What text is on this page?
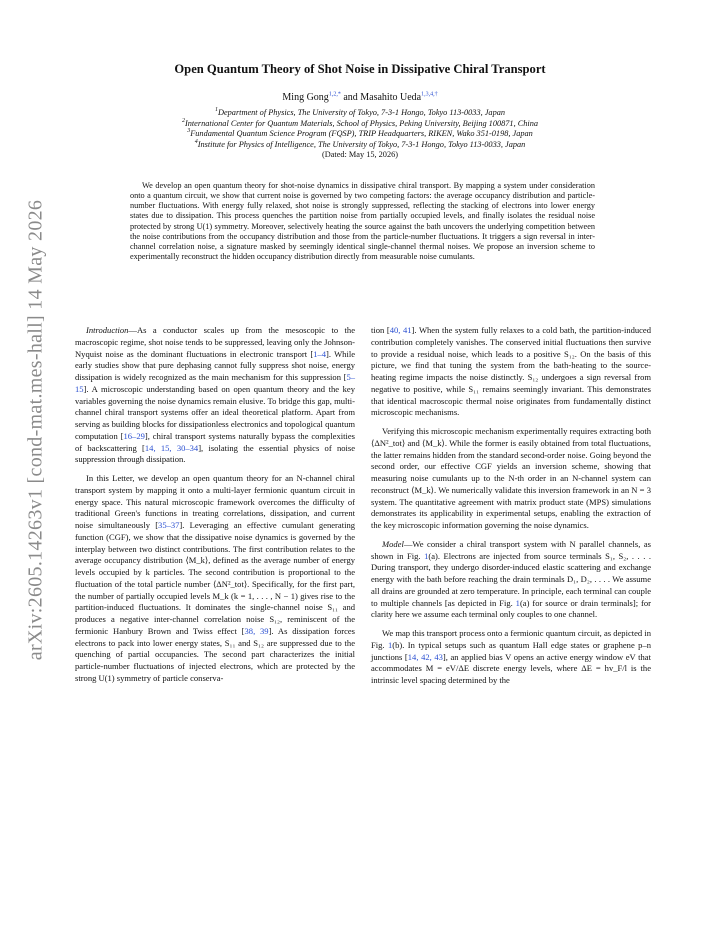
arXiv:2605.14263v1 [cond-mat.mes-hall] 14 May 2026
Open Quantum Theory of Shot Noise in Dissipative Chiral Transport
Ming Gong$^{1,2,*}$ and Masahito Ueda$^{1,3,4,\dagger}$
$^1$Department of Physics, The University of Tokyo, 7-3-1 Hongo, Tokyo 113-0033, Japan
$^2$International Center for Quantum Materials, School of Physics, Peking University, Beijing 100871, China
$^3$Fundamental Quantum Science Program (FQSP), TRIP Headquarters, RIKEN, Wako 351-0198, Japan
$^4$Institute for Physics of Intelligence, The University of Tokyo, 7-3-1 Hongo, Tokyo 113-0033, Japan
(Dated: May 15, 2026)
We develop an open quantum theory for shot-noise dynamics in dissipative chiral transport. By mapping a system under consideration onto a quantum circuit, we show that current noise is governed by two competing factors: the average occupancy distribution and particle-number fluctuations. With energy fully relaxed, shot noise is strongly suppressed, reflecting the stacking of electrons into lower energy states due to dissipation. This process quenches the partition noise from partially occupied levels, and finally isolates the residual noise protected by strong U(1) symmetry. Moreover, selectively heating the source against the bath uncovers the underlying competition between the noise contributions from the occupancy distribution and those from the particle-number fluctuations. It triggers a sign reversal in inter-channel correlation noise, a signature masked by seemingly identical single-channel thermal noises. We propose an inversion scheme to experimentally reconstruct the hidden occupancy distribution directly from measurable noise cumulants.

Introduction—As a conductor scales up from the mesoscopic to the macroscopic regime, shot noise tends to be suppressed, leaving only the Johnson-Nyquist noise as the dominant fluctuations in electronic transport [1–4]. While early studies show that pure dephasing cannot fully suppress shot noise, energy dissipation is widely recognized as the main mechanism for this suppression [5–15]. A microscopic understanding based on open quantum theory and the key variables governing the noise dynamics remain elusive. To bridge this gap, multi-channel chiral transport systems offer an ideal theoretical platform. Apart from serving as building blocks for dissipationless electronics and topological quantum computation [16–29], chiral transport systems naturally bypass the complexities of backscattering [14, 15, 30–34], isolating the essential physics of noise suppression through dissipation.

In this Letter, we develop an open quantum theory for an N-channel chiral transport system by mapping it onto a multi-layer fermionic quantum circuit in energy space. This natural microscopic framework overcomes the difficulty of traditional Green's functions in treating correlations, dissipation, and current noise simultaneously [35–37]. Leveraging an effective cumulant generating function (CGF), we show that the dissipative noise dynamics is governed by the interplay between two distinct contributions. The first contribution relates to the average occupancy distribution ⟨M_k⟩, defined as the average number of energy levels occupied by k particles. The second contribution is proportional to the fluctuation of the total particle number ⟨ΔN²_tot⟩. Specifically, for the first part, the number of partially occupied levels M_k (k = 1, . . . , N − 1) gives rise to the partition-induced fluctuations. It dominates the single-channel noise S₁₁ and produces a negative inter-channel correlation noise S₁₂, reminiscent of the fermionic Hanbury Brown and Twiss effect [38, 39]. As dissipation forces electrons to pack into lower energy states, S₁₁ and S₁₂ are suppressed due to the quenching of partial occupancies. The second part characterizes the initial particle-number fluctuations of injected electrons, which are protected by the strong U(1) symmetry of particle conserva-

tion [40, 41]. When the system fully relaxes to a cold bath, the partition-induced contribution completely vanishes. The conserved initial fluctuations then survive to provide a residual noise, which leads to a positive S₁₂. On the basis of this picture, we find that tuning the system from the bath-heating to the source-heating regime impacts the noise distinctly. S₁₂ undergoes a sign reversal from negative to positive, while S₁₁ remains seemingly invariant. This demonstrates that identical macroscopic thermal noise originates from fundamentally distinct microscopic mechanisms.

Verifying this microscopic mechanism experimentally requires extracting both ⟨ΔN²_tot⟩ and ⟨M_k⟩. While the former is easily obtained from total fluctuations, the latter remains hidden from the standard second-order noise. Going beyond the second order, our effective CGF yields an inversion scheme, showing that measuring noise cumulants up to the N-th order in an N-channel system can reconstruct ⟨M_k⟩. We numerically validate this inversion framework in an N = 3 system. The quantitative agreement with matrix product state (MPS) simulations demonstrates its applicability in experimental setups, enabling the extraction of the key microscopic information governing the noise dynamics.

Model—We consider a chiral transport system with N parallel channels, as shown in Fig. 1(a). Electrons are injected from source terminals S₁, S₂, . . . . During transport, they undergo disorder-induced elastic scattering and exchange energy with the bath before reaching the drain terminals D₁, D₂, . . . . We assume all drains are grounded at zero temperature. In principle, each terminal can couple to multiple channels [as depicted in Fig. 1(a) for source or drain terminals]; for clarity here we assume each terminal only couples to one channel.

We map this transport process onto a fermionic quantum circuit, as depicted in Fig. 1(b). In typical setups such as quantum Hall edge states or graphene p–n junctions [14, 42, 43], an applied bias V opens an active energy window eV that accommodates M = eV/ΔE discrete energy levels, where ΔE = hv_F/l is the intrinsic level spacing determined by the
